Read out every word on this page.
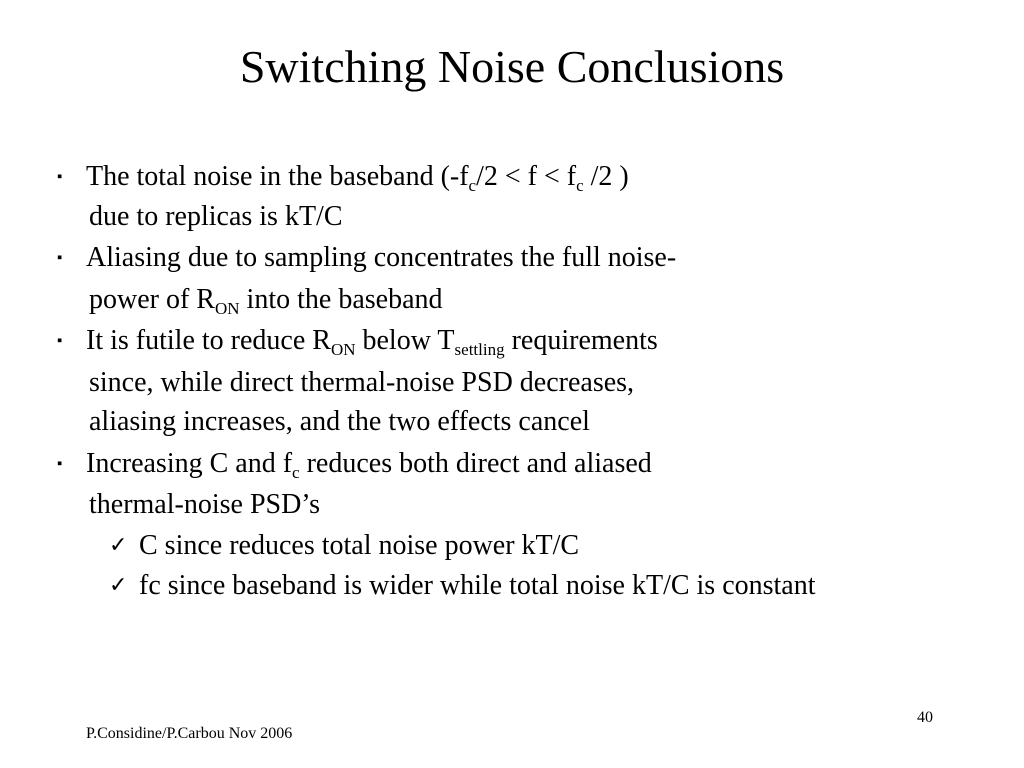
Switching Noise Conclusions
▪ The total noise in the baseband ($-f_c/2 < f < f_c$ /2 )
due to replicas is kT/C
▪ Aliasing due to sampling concentrates the full noise-
power of $R_{ON}$ into the baseband
▪ It is futile to reduce $R_{ON}$ below $T_{settling}$ requirements
since, while direct thermal-noise PSD decreases,
aliasing increases, and the two effects cancel
▪ Increasing C and $f_c$ reduces both direct and aliased
thermal-noise PSD’s
✓ C since reduces total noise power kT/C
✓ fc since baseband is wider while total noise kT/C is constant
40
P.Considine/P.Carbou Nov 2006
